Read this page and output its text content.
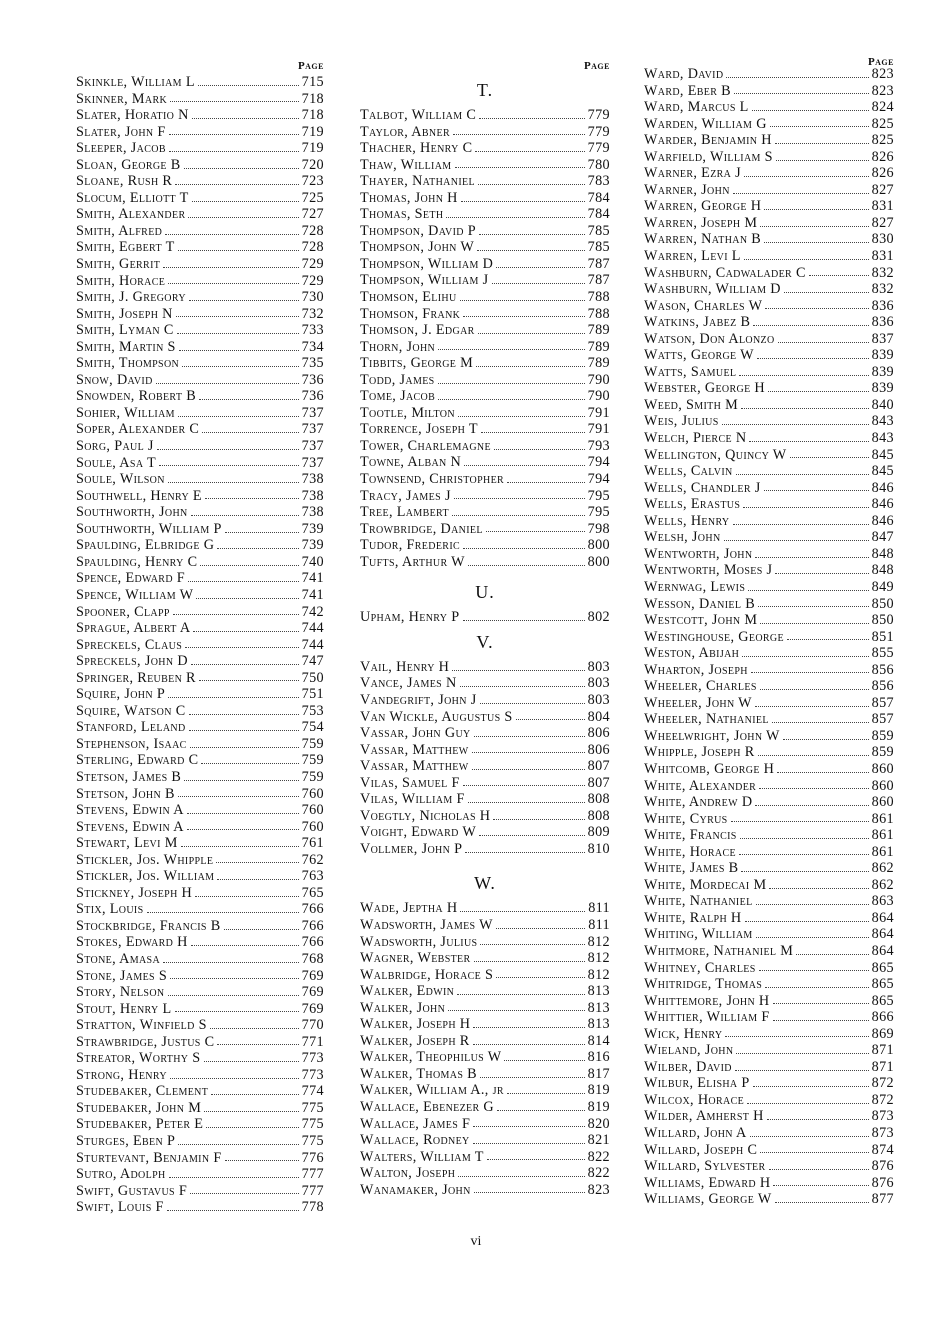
Page
Skinkle, William L	715
Skinner, Mark	718
Slater, Horatio N	718
Slater, John F	719
Sleeper, Jacob	719
Sloan, George B	720
Sloane, Rush R	723
Slocum, Elliott T	725
Smith, Alexander	727
Smith, Alfred	728
Smith, Egbert T	728
Smith, Gerrit	729
Smith, Horace	729
Smith, J. Gregory	730
Smith, Joseph N	732
Smith, Lyman C	733
Smith, Martin S	734
Smith, Thompson	735
Snow, David	736
Snowden, Robert B	736
Sohier, William	737
Soper, Alexander C	737
Sorg, Paul J	737
Soule, Asa T	737
Soule, Wilson	738
Southwell, Henry E	738
Southworth, John	738
Southworth, William P	739
Spaulding, Elbridge G	739
Spaulding, Henry C	740
Spence, Edward F	741
Spence, William W	741
Spooner, Clapp	742
Sprague, Albert A	744
Spreckels, Claus	744
Spreckels, John D	747
Springer, Reuben R	750
Squire, John P	751
Squire, Watson C	753
Stanford, Leland	754
Stephenson, Isaac	759
Sterling, Edward C	759
Stetson, James B	759
Stetson, John B	760
Stevens, Edwin A	760
Stevens, Edwin A	760
Stewart, Levi M	761
Stickler, Jos. Whipple	762
Stickler, Jos. William	763
Stickney, Joseph H	765
Stix, Louis	766
Stockbridge, Francis B	766
Stokes, Edward H	766
Stone, Amasa	768
Stone, James S	769
Story, Nelson	769
Stout, Henry L	769
Stratton, Winfield S	770
Strawbridge, Justus C	771
Streator, Worthy S	773
Strong, Henry	773
Studebaker, Clement	774
Studebaker, John M	775
Studebaker, Peter E	775
Sturges, Eben P	775
Sturtevant, Benjamin F	776
Sutro, Adolph	777
Swift, Gustavus F	777
Swift, Louis F	778
Page
T.
Talbot, William C	779
Taylor, Abner	779
Thacher, Henry C	779
Thaw, William	780
Thayer, Nathaniel	783
Thomas, John H	784
Thomas, Seth	784
Thompson, David P	785
Thompson, John W	785
Thompson, William D	787
Thompson, William J	787
Thomson, Elihu	788
Thomson, Frank	788
Thomson, J. Edgar	789
Thorn, John	789
Tibbits, George M	789
Todd, James	790
Tome, Jacob	790
Tootle, Milton	791
Torrence, Joseph T	791
Tower, Charlemagne	793
Towne, Alban N	794
Townsend, Christopher	794
Tracy, James J	795
Tree, Lambert	795
Trowbridge, Daniel	798
Tudor, Frederic	800
Tufts, Arthur W	800
U.
Upham, Henry P	802
V.
Vail, Henry H	803
Vance, James N	803
Vandegrift, John J	803
Van Wickle, Augustus S	804
Vassar, John Guy	806
Vassar, Matthew	806
Vassar, Matthew	807
Vilas, Samuel F	807
Vilas, William F	808
Voegtly, Nicholas H	808
Voight, Edward W	809
Vollmer, John P	810
W.
Wade, Jeptha H	811
Wadsworth, James W	811
Wadsworth, Julius	812
Wagner, Webster	812
Walbridge, Horace S	812
Walker, Edwin	813
Walker, John	813
Walker, Joseph H	813
Walker, Joseph R	814
Walker, Theophilus W	816
Walker, Thomas B	817
Walker, William A., jr	819
Wallace, Ebenezer G	819
Wallace, James F	820
Wallace, Rodney	821
Walters, William T	822
Walton, Joseph	822
Wanamaker, John	823
Page
Ward, David	823
Ward, Eber B	823
Ward, Marcus L	824
Warden, William G	825
Warder, Benjamin H	825
Warfield, William S	826
Warner, Ezra J	826
Warner, John	827
Warren, George H	831
Warren, Joseph M	827
Warren, Nathan B	830
Warren, Levi L	831
Washburn, Cadwalader C	832
Washburn, William D	832
Wason, Charles W	836
Watkins, Jabez B	836
Watson, Don Alonzo	837
Watts, George W	839
Watts, Samuel	839
Webster, George H	839
Weed, Smith M	840
Weis, Julius	843
Welch, Pierce N	843
Wellington, Quincy W	845
Wells, Calvin	845
Wells, Chandler J	846
Wells, Erastus	846
Wells, Henry	846
Welsh, John	847
Wentworth, John	848
Wentworth, Moses J	848
Wernwag, Lewis	849
Wesson, Daniel B	850
Westcott, John M	850
Westinghouse, George	851
Weston, Abijah	855
Wharton, Joseph	856
Wheeler, Charles	856
Wheeler, John W	857
Wheeler, Nathaniel	857
Wheelwright, John W	859
Whipple, Joseph R	859
Whitcomb, George H	860
White, Alexander	860
White, Andrew D	860
White, Cyrus	861
White, Francis	861
White, Horace	861
White, James B	862
White, Mordecai M	862
White, Nathaniel	863
White, Ralph H	864
Whiting, William	864
Whitmore, Nathaniel M	864
Whitney, Charles	865
Whitridge, Thomas	865
Whittemore, John H	865
Whittier, William F	866
Wick, Henry	869
Wieland, John	871
Wilber, David	871
Wilbur, Elisha P	872
Wilcox, Horace	872
Wilder, Amherst H	873
Willard, John A	873
Willard, Joseph C	874
Willard, Sylvester	876
Williams, Edward H	876
Williams, George W	877
vi
